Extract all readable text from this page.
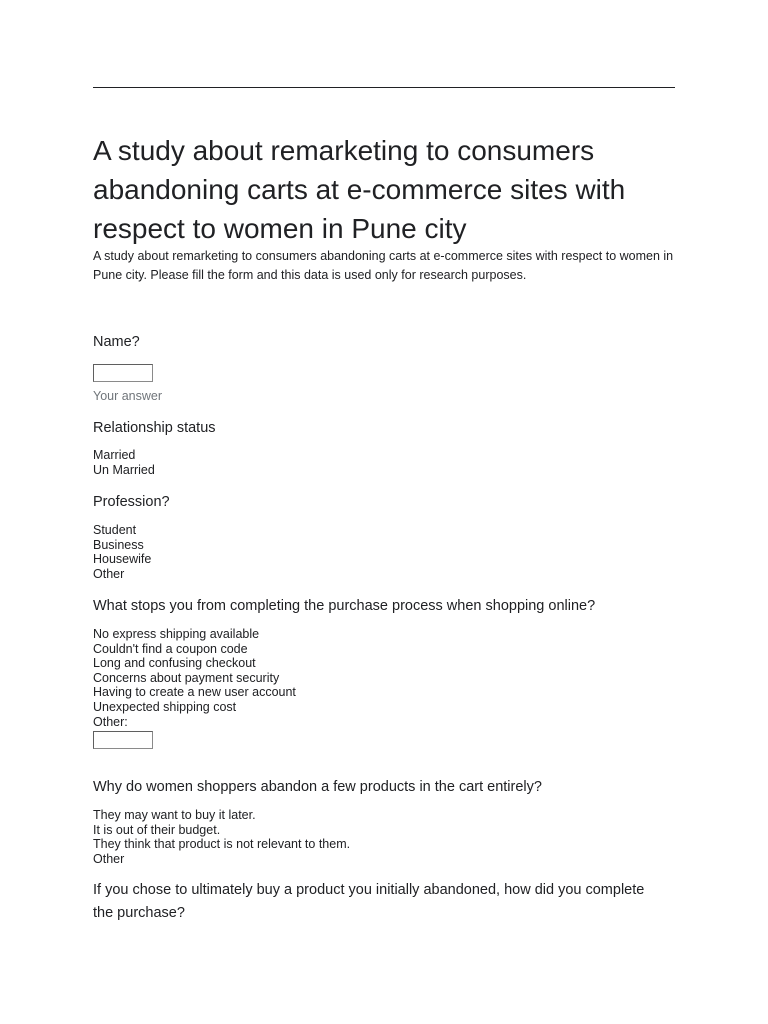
A study about remarketing to consumers abandoning carts at e-commerce sites with respect to women in Pune city

A study about remarketing to consumers abandoning carts at e-commerce sites with respect to women in Pune city. Please fill the form and this data is used only for research purposes.

Name?

Your answer

Relationship status

Married
Un Married

Profession?

Student
Business
Housewife
Other

What stops you from completing the purchase process when shopping online?

No express shipping available
Couldn't find a coupon code
Long and confusing checkout
Concerns about payment security
Having to create a new user account
Unexpected shipping cost
Other:

Why do women shoppers abandon a few products in the cart entirely?

They may want to buy it later.
It is out of their budget.
They think that product is not relevant to them.
Other

If you chose to ultimately buy a product you initially abandoned, how did you complete the purchase?
